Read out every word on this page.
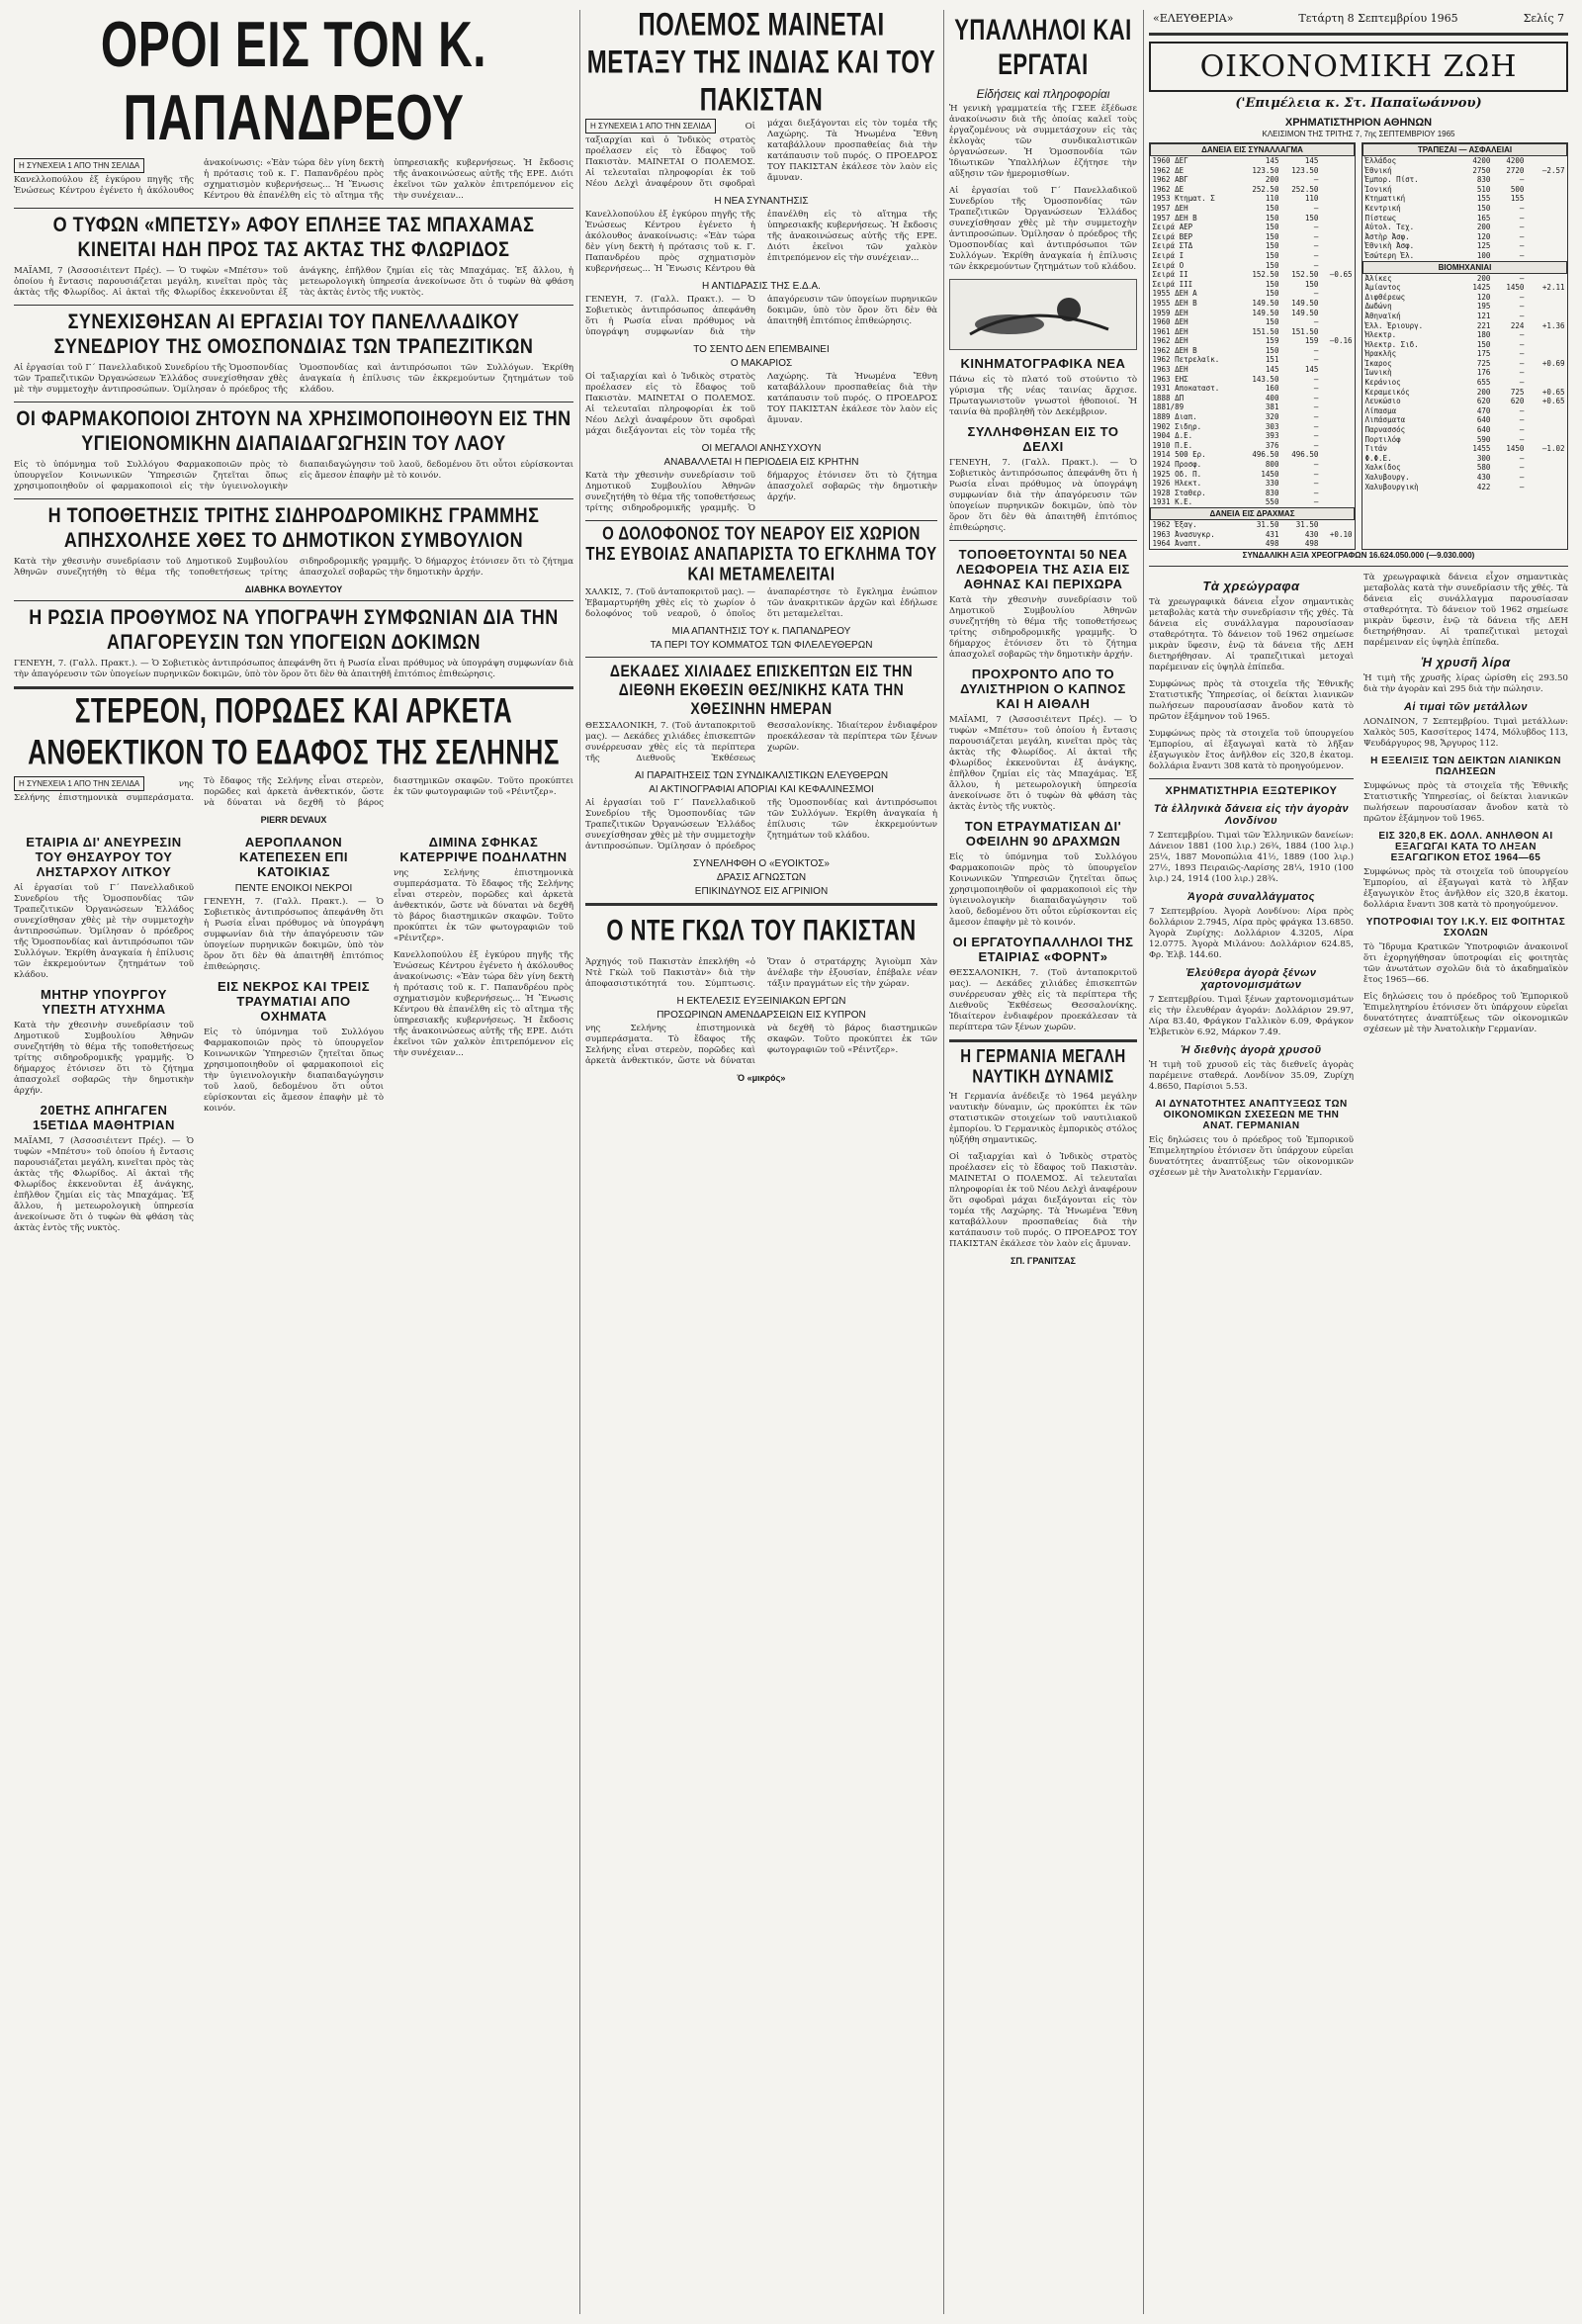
ΟΡΟΙ ΕΙΣ ΤΟΝ Κ. ΠΑΠΑΝΔΡΕΟΥ
Η ΣΥΝΕΧΕΙΑ 1 ΑΠΟ ΤΗΝ ΣΕΛΙΔΑ Κανελλοπούλου ἐξ ἐγκύρου πηγῆς τῆς Ἑνώσεως Κέντρου ἐγένετο ἡ ἀκόλουθος ἀνακοίνωσις: «Ἐὰν τώρα δὲν γίνη δεκτὴ ἡ πρότασις τοῦ κ. Γ. Παπανδρέου πρὸς σχηματισμὸν κυβερνήσεως... Ἡ Ἕνωσις Κέντρου θὰ ἐπανέλθη εἰς τὸ αἴτημα τῆς ὑπηρεσιακῆς κυβερνήσεως. Ἡ ἔκδοσις τῆς ἀνακοινώσεως αὐτῆς τῆς ΕΡΕ. Διότι ἐκεῖνοι τῶν χαλκὸν ἐπιτρεπόμενον εἰς τὴν συνέχειαν...
Ο ΤΥΦΩΝ «ΜΠΕΤΣΥ» ΑΦΟΥ ΕΠΛΗΞΕ ΤΑΣ ΜΠΑΧΑΜΑΣ ΚΙΝΕΙΤΑΙ ΗΔΗ ΠΡΟΣ ΤΑΣ ΑΚΤΑΣ ΤΗΣ ΦΛΩΡΙΔΟΣ
ΜΑΪΑΜΙ, 7 (Ἀσσοσιέιτεντ Πρές). — Ὁ τυφὼν «Μπέτσυ» τοῦ ὁποίου ἡ ἔντασις παρουσιάζεται μεγάλη, κινεῖται πρὸς τὰς ἀκτὰς τῆς Φλωρίδος. Αἱ ἀκταὶ τῆς Φλωρίδος ἐκκενοῦνται ἐξ ἀνάγκης, ἐπῆλθον ζημίαι εἰς τὰς Μπαχάμας. Ἐξ ἄλλου, ἡ μετεωρολογικὴ ὑπηρεσία ἀνεκοίνωσε ὅτι ὁ τυφὼν θὰ φθάση τὰς ἀκτὰς ἐντὸς τῆς νυκτὸς.
ΣΥΝΕΧΙΣΘΗΣΑΝ ΑΙ ΕΡΓΑΣΙΑΙ ΤΟΥ ΠΑΝΕΛΛΑΔΙΚΟΥ ΣΥΝΕΔΡΙΟΥ ΤΗΣ ΟΜΟΣΠΟΝΔΙΑΣ ΤΩΝ ΤΡΑΠΕΖΙΤΙΚΩΝ
Αἱ ἐργασίαι τοῦ Γ΄ Πανελλαδικοῦ Συνεδρίου τῆς Ὁμοσπονδίας τῶν Τραπεζιτικῶν Ὀργανώσεων Ἑλλάδος συνεχίσθησαν χθὲς μὲ τὴν συμμετοχὴν ἀντιπροσώπων. Ὁμίλησαν ὁ πρόεδρος τῆς Ὁμοσπονδίας καὶ ἀντιπρόσωποι τῶν Συλλόγων. Ἐκρίθη ἀναγκαία ἡ ἐπίλυσις τῶν ἐκκρεμούντων ζητημάτων τοῦ κλάδου.
ΟΙ ΦΑΡΜΑΚΟΠΟΙΟΙ ΖΗΤΟΥΝ ΝΑ ΧΡΗΣΙΜΟΠΟΙΗΘΟΥΝ ΕΙΣ ΤΗΝ ΥΓΙΕΙΟΝΟΜΙΚΗΝ ΔΙΑΠΑΙΔΑΓΩΓΗΣΙΝ ΤΟΥ ΛΑΟΥ
Εἰς τὸ ὑπόμνημα τοῦ Συλλόγου Φαρμακοποιῶν πρὸς τὸ ὑπουργεῖον Κοινωνικῶν Ὑπηρεσιῶν ζητεῖται ὅπως χρησιμοποιηθοῦν οἱ φαρμακοποιοὶ εἰς τὴν ὑγιεινολογικὴν διαπαιδαγώγησιν τοῦ λαοῦ, δεδομένου ὅτι οὗτοι εὑρίσκονται εἰς ἄμεσον ἐπαφὴν μὲ τὸ κοινόν.
Η ΤΟΠΟΘΕΤΗΣΙΣ ΤΡΙΤΗΣ ΣΙΔΗΡΟΔΡΟΜΙΚΗΣ ΓΡΑΜΜΗΣ ΑΠΗΣΧΟΛΗΣΕ ΧΘΕΣ ΤΟ ΔΗΜΟΤΙΚΟΝ ΣΥΜΒΟΥΛΙΟΝ
Κατὰ τὴν χθεσινὴν συνεδρίασιν τοῦ Δημοτικοῦ Συμβουλίου Ἀθηνῶν συνεζητήθη τὸ θέμα τῆς τοποθετήσεως τρίτης σιδηροδρομικῆς γραμμῆς. Ὁ δήμαρχος ἐτόνισεν ὅτι τὸ ζήτημα ἀπασχολεῖ σοβαρῶς τὴν δημοτικὴν ἀρχήν.
ΔΙΑΒΗΚΑ ΒΟΥΛΕΥΤΟΥ
Η ΡΩΣΙΑ ΠΡΟΘΥΜΟΣ ΝΑ ΥΠΟΓΡΑΨΗ ΣΥΜΦΩΝΙΑΝ ΔΙΑ ΤΗΝ ΑΠΑΓΟΡΕΥΣΙΝ ΤΩΝ ΥΠΟΓΕΙΩΝ ΔΟΚΙΜΩΝ
ΓΕΝΕΥΗ, 7. (Γαλλ. Πρακτ.). — Ὁ Σοβιετικὸς ἀντιπρόσωπος ἀπεφάνθη ὅτι ἡ Ρωσία εἶναι πρόθυμος νὰ ὑπογράψη συμφωνίαν διὰ τὴν ἀπαγόρευσιν τῶν ὑπογείων πυρηνικῶν δοκιμῶν, ὑπὸ τὸν ὅρον ὅτι δὲν θὰ ἀπαιτηθῆ ἐπιτόπιος ἐπιθεώρησις.
ΣΤΕΡΕΟΝ, ΠΟΡΩΔΕΣ ΚΑΙ ΑΡΚΕΤΑ ΑΝΘΕΚΤΙΚΟΝ ΤΟ ΕΔΑΦΟΣ ΤΗΣ ΣΕΛΗΝΗΣ
Η ΣΥΝΕΧΕΙΑ 1 ΑΠΟ ΤΗΝ ΣΕΛΙΔΑ	νης Σελήνης ἐπιστημονικὰ συμπεράσματα. Τὸ ἔδαφος τῆς Σελήνης εἶναι στερεὸν, πορῶδες καὶ ἀρκετὰ ἀνθεκτικόν, ὥστε νὰ δύναται νὰ δεχθῆ τὸ βάρος διαστημικῶν σκαφῶν. Τοῦτο προκύπτει ἐκ τῶν φωτογραφιῶν τοῦ «Ρέιντζερ».
PIERR DEVAUX
ΕΤΑΙΡΙΑ ΔΙ' ΑΝΕΥΡΕΣΙΝ ΤΟΥ ΘΗΣΑΥΡΟΥ ΤΟΥ ΛΗΣΤΑΡΧΟΥ ΛΙΤΚΟΥ
Αἱ ἐργασίαι τοῦ Γ΄ Πανελλαδικοῦ Συνεδρίου τῆς Ὁμοσπονδίας τῶν Τραπεζιτικῶν Ὀργανώσεων Ἑλλάδος συνεχίσθησαν χθὲς μὲ τὴν συμμετοχὴν ἀντιπροσώπων. Ὁμίλησαν ὁ πρόεδρος τῆς Ὁμοσπονδίας καὶ ἀντιπρόσωποι τῶν Συλλόγων. Ἐκρίθη ἀναγκαία ἡ ἐπίλυσις τῶν ἐκκρεμούντων ζητημάτων τοῦ κλάδου.
ΜΗΤΗΡ ΥΠΟΥΡΓΟΥ ΥΠΕΣΤΗ ΑΤΥΧΗΜΑ
Κατὰ τὴν χθεσινὴν συνεδρίασιν τοῦ Δημοτικοῦ Συμβουλίου Ἀθηνῶν συνεζητήθη τὸ θέμα τῆς τοποθετήσεως τρίτης σιδηροδρομικῆς γραμμῆς. Ὁ δήμαρχος ἐτόνισεν ὅτι τὸ ζήτημα ἀπασχολεῖ σοβαρῶς τὴν δημοτικὴν ἀρχήν.
20ΕΤΗΣ ΑΠΗΓΑΓΕΝ 15ΕΤΙΔΑ ΜΑΘΗΤΡΙΑΝ
ΜΑΪΑΜΙ, 7 (Ἀσσοσιέιτεντ Πρές). — Ὁ τυφὼν «Μπέτσυ» τοῦ ὁποίου ἡ ἔντασις παρουσιάζεται μεγάλη, κινεῖται πρὸς τὰς ἀκτὰς τῆς Φλωρίδος. Αἱ ἀκταὶ τῆς Φλωρίδος ἐκκενοῦνται ἐξ ἀνάγκης, ἐπῆλθον ζημίαι εἰς τὰς Μπαχάμας. Ἐξ ἄλλου, ἡ μετεωρολογικὴ ὑπηρεσία ἀνεκοίνωσε ὅτι ὁ τυφὼν θὰ φθάση τὰς ἀκτὰς ἐντὸς τῆς νυκτὸς.
ΑΕΡΟΠΛΑΝΟΝ ΚΑΤΕΠΕΣΕΝ ΕΠΙ ΚΑΤΟΙΚΙΑΣ
ΠΕΝΤΕ ΕΝΟΙΚΟΙ ΝΕΚΡΟΙ
ΓΕΝΕΥΗ, 7. (Γαλλ. Πρακτ.). — Ὁ Σοβιετικὸς ἀντιπρόσωπος ἀπεφάνθη ὅτι ἡ Ρωσία εἶναι πρόθυμος νὰ ὑπογράψη συμφωνίαν διὰ τὴν ἀπαγόρευσιν τῶν ὑπογείων πυρηνικῶν δοκιμῶν, ὑπὸ τὸν ὅρον ὅτι δὲν θὰ ἀπαιτηθῆ ἐπιτόπιος ἐπιθεώρησις.
ΕΙΣ ΝΕΚΡΟΣ ΚΑΙ ΤΡΕΙΣ ΤΡΑΥΜΑΤΙΑΙ ΑΠΟ ΟΧΗΜΑΤΑ
Εἰς τὸ ὑπόμνημα τοῦ Συλλόγου Φαρμακοποιῶν πρὸς τὸ ὑπουργεῖον Κοινωνικῶν Ὑπηρεσιῶν ζητεῖται ὅπως χρησιμοποιηθοῦν οἱ φαρμακοποιοὶ εἰς τὴν ὑγιεινολογικὴν διαπαιδαγώγησιν τοῦ λαοῦ, δεδομένου ὅτι οὗτοι εὑρίσκονται εἰς ἄμεσον ἐπαφὴν μὲ τὸ κοινόν.
ΔΙΜΙΝΑ ΣΦΗΚΑΣ ΚΑΤΕΡΡΙΨΕ ΠΟΔΗΛΑΤΗΝ
νης Σελήνης ἐπιστημονικὰ συμπεράσματα. Τὸ ἔδαφος τῆς Σελήνης εἶναι στερεὸν, πορῶδες καὶ ἀρκετὰ ἀνθεκτικόν, ὥστε νὰ δύναται νὰ δεχθῆ τὸ βάρος διαστημικῶν σκαφῶν. Τοῦτο προκύπτει ἐκ τῶν φωτογραφιῶν τοῦ «Ρέιντζερ».
Κανελλοπούλου ἐξ ἐγκύρου πηγῆς τῆς Ἑνώσεως Κέντρου ἐγένετο ἡ ἀκόλουθος ἀνακοίνωσις: «Ἐὰν τώρα δὲν γίνη δεκτὴ ἡ πρότασις τοῦ κ. Γ. Παπανδρέου πρὸς σχηματισμὸν κυβερνήσεως... Ἡ Ἕνωσις Κέντρου θὰ ἐπανέλθη εἰς τὸ αἴτημα τῆς ὑπηρεσιακῆς κυβερνήσεως. Ἡ ἔκδοσις τῆς ἀνακοινώσεως αὐτῆς τῆς ΕΡΕ. Διότι ἐκεῖνοι τῶν χαλκὸν ἐπιτρεπόμενον εἰς τὴν συνέχειαν...
ΠΟΛΕΜΟΣ ΜΑΙΝΕΤΑΙ ΜΕΤΑΞΥ ΤΗΣ ΙΝΔΙΑΣ ΚΑΙ ΤΟΥ ΠΑΚΙΣΤΑΝ
Η ΣΥΝΕΧΕΙΑ 1 ΑΠΟ ΤΗΝ ΣΕΛΙΔΑ	Οἱ ταξιαρχίαι καὶ ὁ Ἰνδικὸς στρατὸς προέλασεν εἰς τὸ ἔδαφος τοῦ Πακιστὰν. ΜΑΙΝΕΤΑΙ Ο ΠΟΛΕΜΟΣ. Αἱ τελευταῖαι πληροφορίαι ἐκ τοῦ Νέου Δελχὶ ἀναφέρουν ὅτι σφοδραὶ μάχαι διεξάγονται εἰς τὸν τομέα τῆς Λαχώρης. Τὰ Ἡνωμένα Ἔθνη καταβάλλουν προσπαθείας διὰ τὴν κατάπαυσιν τοῦ πυρός. Ο ΠΡΟΕΔΡΟΣ ΤΟΥ ΠΑΚΙΣΤΑΝ ἐκάλεσε τὸν λαὸν εἰς ἄμυναν.
Η ΝΕΑ ΣΥΝΑΝΤΗΣΙΣ
Κανελλοπούλου ἐξ ἐγκύρου πηγῆς τῆς Ἑνώσεως Κέντρου ἐγένετο ἡ ἀκόλουθος ἀνακοίνωσις: «Ἐὰν τώρα δὲν γίνη δεκτὴ ἡ πρότασις τοῦ κ. Γ. Παπανδρέου πρὸς σχηματισμὸν κυβερνήσεως... Ἡ Ἕνωσις Κέντρου θὰ ἐπανέλθη εἰς τὸ αἴτημα τῆς ὑπηρεσιακῆς κυβερνήσεως. Ἡ ἔκδοσις τῆς ἀνακοινώσεως αὐτῆς τῆς ΕΡΕ. Διότι ἐκεῖνοι τῶν χαλκὸν ἐπιτρεπόμενον εἰς τὴν συνέχειαν...
Η ΑΝΤΙΔΡΑΣΙΣ ΤΗΣ Ε.Δ.Α.
ΓΕΝΕΥΗ, 7. (Γαλλ. Πρακτ.). — Ὁ Σοβιετικὸς ἀντιπρόσωπος ἀπεφάνθη ὅτι ἡ Ρωσία εἶναι πρόθυμος νὰ ὑπογράψη συμφωνίαν διὰ τὴν ἀπαγόρευσιν τῶν ὑπογείων πυρηνικῶν δοκιμῶν, ὑπὸ τὸν ὅρον ὅτι δὲν θὰ ἀπαιτηθῆ ἐπιτόπιος ἐπιθεώρησις.
ΤΟ ΣΕΝΤΟ ΔΕΝ ΕΠΕΜΒΑΙΝΕΙ
Ο ΜΑΚΑΡΙΟΣ
Οἱ ταξιαρχίαι καὶ ὁ Ἰνδικὸς στρατὸς προέλασεν εἰς τὸ ἔδαφος τοῦ Πακιστὰν. ΜΑΙΝΕΤΑΙ Ο ΠΟΛΕΜΟΣ. Αἱ τελευταῖαι πληροφορίαι ἐκ τοῦ Νέου Δελχὶ ἀναφέρουν ὅτι σφοδραὶ μάχαι διεξάγονται εἰς τὸν τομέα τῆς Λαχώρης. Τὰ Ἡνωμένα Ἔθνη καταβάλλουν προσπαθείας διὰ τὴν κατάπαυσιν τοῦ πυρός. Ο ΠΡΟΕΔΡΟΣ ΤΟΥ ΠΑΚΙΣΤΑΝ ἐκάλεσε τὸν λαὸν εἰς ἄμυναν.
ΟΙ ΜΕΓΑΛΟΙ ΑΝΗΣΥΧΟΥΝ
ΑΝΑΒΑΛΛΕΤΑΙ Η ΠΕΡΙΟΔΕΙΑ ΕΙΣ ΚΡΗΤΗΝ
Κατὰ τὴν χθεσινὴν συνεδρίασιν τοῦ Δημοτικοῦ Συμβουλίου Ἀθηνῶν συνεζητήθη τὸ θέμα τῆς τοποθετήσεως τρίτης σιδηροδρομικῆς γραμμῆς. Ὁ δήμαρχος ἐτόνισεν ὅτι τὸ ζήτημα ἀπασχολεῖ σοβαρῶς τὴν δημοτικὴν ἀρχήν.
Ο ΔΟΛΟΦΟΝΟΣ ΤΟΥ ΝΕΑΡΟΥ ΕΙΣ ΧΩΡΙΟΝ ΤΗΣ ΕΥΒΟΙΑΣ ΑΝΑΠΑΡΙΣΤΑ ΤΟ ΕΓΚΛΗΜΑ ΤΟΥ ΚΑΙ ΜΕΤΑΜΕΛΕΙΤΑΙ
ΧΑΛΚΙΣ, 7. (Τοῦ ἀνταποκριτοῦ μας). — Ἐβαμαρτυρήθη χθὲς εἰς τὸ χωρίον ὁ δολοφόνος τοῦ νεαροῦ, ὁ ὁποῖος ἀναπαρέστησε τὸ ἔγκλημα ἐνώπιον τῶν ἀνακριτικῶν ἀρχῶν καὶ ἐδήλωσε ὅτι μεταμελεῖται.
ΜΙΑ ΑΠΑΝΤΗΣΙΣ ΤΟΥ κ. ΠΑΠΑΝΔΡΕΟΥ
ΤΑ ΠΕΡΙ ΤΟΥ ΚΟΜΜΑΤΟΣ ΤΩΝ ΦΙΛΕΛΕΥΘΕΡΩΝ
ΔΕΚΑΔΕΣ ΧΙΛΙΑΔΕΣ ΕΠΙΣΚΕΠΤΩΝ ΕΙΣ ΤΗΝ ΔΙΕΘΝΗ ΕΚΘΕΣΙΝ ΘΕΣ/ΝΙΚΗΣ ΚΑΤΑ ΤΗΝ ΧΘΕΣΙΝΗΝ ΗΜΕΡΑΝ
ΘΕΣΣΑΛΟΝΙΚΗ, 7. (Τοῦ ἀνταποκριτοῦ μας). — Δεκάδες χιλιάδες ἐπισκεπτῶν συνέρρευσαν χθὲς εἰς τὰ περίπτερα τῆς Διεθνοῦς Ἐκθέσεως Θεσσαλονίκης. Ἰδιαίτερον ἐνδιαφέρον προεκάλεσαν τὰ περίπτερα τῶν ξένων χωρῶν.
ΑΙ ΠΑΡΑΙΤΗΣΕΙΣ ΤΩΝ ΣΥΝΔΙΚΑΛΙΣΤΙΚΩΝ ΕΛΕΥΘΕΡΩΝ
ΑΙ ΑΚΤΙΝΟΓΡΑΦΙΑΙ ΑΠΟΡΙΑΙ ΚΑΙ ΚΕΦΑΛΙΝΕΣΜΟΙ
Αἱ ἐργασίαι τοῦ Γ΄ Πανελλαδικοῦ Συνεδρίου τῆς Ὁμοσπονδίας τῶν Τραπεζιτικῶν Ὀργανώσεων Ἑλλάδος συνεχίσθησαν χθὲς μὲ τὴν συμμετοχὴν ἀντιπροσώπων. Ὁμίλησαν ὁ πρόεδρος τῆς Ὁμοσπονδίας καὶ ἀντιπρόσωποι τῶν Συλλόγων. Ἐκρίθη ἀναγκαία ἡ ἐπίλυσις τῶν ἐκκρεμούντων ζητημάτων τοῦ κλάδου.
ΣΥΝΕΛΗΦΘΗ Ο «ΕΥΟΙΚΤΟΣ»
ΔΡΑΣΙΣ ΑΓΝΩΣΤΩΝ
ΕΠΙΚΙΝΔΥΝΟΣ ΕΙΣ ΑΓΡΙΝΙΟΝ
Ο ΝΤΕ ΓΚΩΛ ΤΟΥ ΠΑΚΙΣΤΑΝ
Ἀρχηγός τοῦ Πακιστὰν ἐπεκλήθη «ὁ Ντὲ Γκὼλ τοῦ Πακιστὰν» διὰ τὴν ἀποφασιστικότητά του. Σύμπτωσις. Ὅταν ὁ στρατάρχης Ἀγιοὺμπ Χὰν ἀνέλαβε τὴν ἐξουσίαν, ἐπέβαλε νέαν τάξιν πραγμάτων εἰς τὴν χώραν.
Η ΕΚΤΕΛΕΣΙΣ ΕΥΞΕΙΝΙΑΚΩΝ ΕΡΓΩΝ
ΠΡΟΣΩΡΙΝΩΝ ΑΜΕΝΔΑΡΣΕΙΩΝ ΕΙΣ ΚΥΠΡΟΝ
νης Σελήνης ἐπιστημονικὰ συμπεράσματα. Τὸ ἔδαφος τῆς Σελήνης εἶναι στερεὸν, πορῶδες καὶ ἀρκετὰ ἀνθεκτικόν, ὥστε νὰ δύναται νὰ δεχθῆ τὸ βάρος διαστημικῶν σκαφῶν. Τοῦτο προκύπτει ἐκ τῶν φωτογραφιῶν τοῦ «Ρέιντζερ».
Ὁ «μικρός»
ΥΠΑΛΛΗΛΟΙ ΚΑΙ ΕΡΓΑΤΑΙ
Εἰδήσεις καὶ πληροφορίαι
Ἡ γενικὴ γραμματεία τῆς ΓΣΕΕ ἐξέδωσε ἀνακοίνωσιν διὰ τῆς ὁποίας καλεῖ τοὺς ἐργαζομένους νὰ συμμετάσχουν εἰς τὰς ἐκλογὰς τῶν συνδικαλιστικῶν ὀργανώσεων. Ἡ Ὁμοσπονδία τῶν Ἰδιωτικῶν Ὑπαλλήλων ἐζήτησε τὴν αὔξησιν τῶν ἡμερομισθίων.
Αἱ ἐργασίαι τοῦ Γ΄ Πανελλαδικοῦ Συνεδρίου τῆς Ὁμοσπονδίας τῶν Τραπεζιτικῶν Ὀργανώσεων Ἑλλάδος συνεχίσθησαν χθὲς μὲ τὴν συμμετοχὴν ἀντιπροσώπων. Ὁμίλησαν ὁ πρόεδρος τῆς Ὁμοσπονδίας καὶ ἀντιπρόσωποι τῶν Συλλόγων. Ἐκρίθη ἀναγκαία ἡ ἐπίλυσις τῶν ἐκκρεμούντων ζητημάτων τοῦ κλάδου.
ΚΙΝΗΜΑΤΟΓΡΑΦΙΚΑ ΝΕΑ
Πάνω εἰς τὸ πλατό τοῦ στούντιο τὸ γύρισμα τῆς νέας ταινίας ἄρχισε. Πρωταγωνιστοῦν γνωστοὶ ἠθοποιοί. Ἡ ταινία θὰ προβληθῆ τὸν Δεκέμβριον.
ΣΥΛΛΗΦΘΗΣΑΝ ΕΙΣ ΤΟ ΔΕΛΧΙ
ΓΕΝΕΥΗ, 7. (Γαλλ. Πρακτ.). — Ὁ Σοβιετικὸς ἀντιπρόσωπος ἀπεφάνθη ὅτι ἡ Ρωσία εἶναι πρόθυμος νὰ ὑπογράψη συμφωνίαν διὰ τὴν ἀπαγόρευσιν τῶν ὑπογείων πυρηνικῶν δοκιμῶν, ὑπὸ τὸν ὅρον ὅτι δὲν θὰ ἀπαιτηθῆ ἐπιτόπιος ἐπιθεώρησις.
ΤΟΠΟΘΕΤΟΥΝΤΑΙ 50 ΝΕΑ ΛΕΩΦΟΡΕΙΑ ΤΗΣ ΑΣΙΑ ΕΙΣ ΑΘΗΝΑΣ ΚΑΙ ΠΕΡΙΧΩΡΑ
Κατὰ τὴν χθεσινὴν συνεδρίασιν τοῦ Δημοτικοῦ Συμβουλίου Ἀθηνῶν συνεζητήθη τὸ θέμα τῆς τοποθετήσεως τρίτης σιδηροδρομικῆς γραμμῆς. Ὁ δήμαρχος ἐτόνισεν ὅτι τὸ ζήτημα ἀπασχολεῖ σοβαρῶς τὴν δημοτικὴν ἀρχήν.
ΠΡΟΧΡΟΝΤΟ ΑΠΟ ΤΟ ΔΥΛΙΣΤΗΡΙΟΝ Ο ΚΑΠΝΟΣ ΚΑΙ Η ΑΙΘΑΛΗ
ΜΑΪΑΜΙ, 7 (Ἀσσοσιέιτεντ Πρές). — Ὁ τυφὼν «Μπέτσυ» τοῦ ὁποίου ἡ ἔντασις παρουσιάζεται μεγάλη, κινεῖται πρὸς τὰς ἀκτὰς τῆς Φλωρίδος. Αἱ ἀκταὶ τῆς Φλωρίδος ἐκκενοῦνται ἐξ ἀνάγκης, ἐπῆλθον ζημίαι εἰς τὰς Μπαχάμας. Ἐξ ἄλλου, ἡ μετεωρολογικὴ ὑπηρεσία ἀνεκοίνωσε ὅτι ὁ τυφὼν θὰ φθάση τὰς ἀκτὰς ἐντὸς τῆς νυκτὸς.
ΤΟΝ ΕΤΡΑΥΜΑΤΙΣΑΝ ΔΙ' ΟΦΕΙΛΗΝ 90 ΔΡΑΧΜΩΝ
Εἰς τὸ ὑπόμνημα τοῦ Συλλόγου Φαρμακοποιῶν πρὸς τὸ ὑπουργεῖον Κοινωνικῶν Ὑπηρεσιῶν ζητεῖται ὅπως χρησιμοποιηθοῦν οἱ φαρμακοποιοὶ εἰς τὴν ὑγιεινολογικὴν διαπαιδαγώγησιν τοῦ λαοῦ, δεδομένου ὅτι οὗτοι εὑρίσκονται εἰς ἄμεσον ἐπαφὴν μὲ τὸ κοινόν.
ΟΙ ΕΡΓΑΤΟΥΠΑΛΛΗΛΟΙ ΤΗΣ ΕΤΑΙΡΙΑΣ «ΦΟΡΝΤ»
ΘΕΣΣΑΛΟΝΙΚΗ, 7. (Τοῦ ἀνταποκριτοῦ μας). — Δεκάδες χιλιάδες ἐπισκεπτῶν συνέρρευσαν χθὲς εἰς τὰ περίπτερα τῆς Διεθνοῦς Ἐκθέσεως Θεσσαλονίκης. Ἰδιαίτερον ἐνδιαφέρον προεκάλεσαν τὰ περίπτερα τῶν ξένων χωρῶν.
Η ΓΕΡΜΑΝΙΑ ΜΕΓΑΛΗ ΝΑΥΤΙΚΗ ΔΥΝΑΜΙΣ
Ἡ Γερμανία ἀνέδειξε τὸ 1964 μεγάλην ναυτικὴν δύναμιν, ὡς προκύπτει ἐκ τῶν στατιστικῶν στοιχείων τοῦ ναυτιλιακοῦ ἐμπορίου. Ὁ Γερμανικὸς ἐμπορικὸς στόλος ηὐξήθη σημαντικῶς.
Οἱ ταξιαρχίαι καὶ ὁ Ἰνδικὸς στρατὸς προέλασεν εἰς τὸ ἔδαφος τοῦ Πακιστὰν. ΜΑΙΝΕΤΑΙ Ο ΠΟΛΕΜΟΣ. Αἱ τελευταῖαι πληροφορίαι ἐκ τοῦ Νέου Δελχὶ ἀναφέρουν ὅτι σφοδραὶ μάχαι διεξάγονται εἰς τὸν τομέα τῆς Λαχώρης. Τὰ Ἡνωμένα Ἔθνη καταβάλλουν προσπαθείας διὰ τὴν κατάπαυσιν τοῦ πυρός. Ο ΠΡΟΕΔΡΟΣ ΤΟΥ ΠΑΚΙΣΤΑΝ ἐκάλεσε τὸν λαὸν εἰς ἄμυναν.
ΣΠ. ΓΡΑΝΙΤΣΑΣ
«ΕΛΕΥΘΕΡΙΑ»	Τετάρτη 8 Σεπτεμβρίου 1965	Σελίς 7
ΟΙΚΟΝΟΜΙΚΗ ΖΩΗ
('Επιμέλεια κ. Στ. Παπαϊωάννου)
ΧΡΗΜΑΤΙΣΤΗΡΙΟΝ ΑΘΗΝΩΝ
ΚΛΕΙΣΙΜΟΝ ΤΗΣ ΤΡΙΤΗΣ 7, 7ης ΣΕΠΤΕΜΒΡΙΟΥ 1965
ΔΑΝΕΙΑ ΕΙΣ ΣΥΝΑΛΛΑΓΜΑ			
1960 ΔΕΓ	145	145	
1962 ΔΕ	123.50	123.50	
1962 ΑΒΓ	200	—	
1962 ΔΕ	252.50	252.50	
1953 Κτηματ. Σ	110	110	
1957 ΔΕΗ	150	—	
1957 ΔΕΗ Β	150	150	
Σειρά ΑΕΡ	150	—	
Σειρά ΒΕΡ	150	—	
Σειρά ΣΤΔ	150	—	
Σειρά Ι	150	—	
Σειρά Ο	150	—	
Σειρά ΙΙ	152.50	152.50	—0.65
Σειρά ΙΙΙ	150	150	
1955 ΔΕΗ Α	150	—	
1955 ΔΕΗ Β	149.50	149.50	
1959 ΔΕΗ	149.50	149.50	
1960 ΔΕΗ	150	—	
1961 ΔΕΗ	151.50	151.50	
1962 ΔΕΗ	159	159	—0.16
1962 ΔΕΗ Β	150	—	
1962 Πετρελαϊκ.	151	—	
1963 ΔΕΗ	145	145	
1963 ΕΗΣ	143.50	—	
1931 Αποκαταστ.	160	—	
1888 ΔΠ	400	—	
1881/89	381	—	
1889 Διαπ.	320	—	
1902 Σιδηρ.	303	—	
1904 Δ.Ε.	393	—	
1910 Π.Ε.	376	—	
1914 500 Ερ.	496.50	496.50	
1924 Προσφ.	800	—	
1925 Οδ. Π.	1450	—	
1926 Ηλεκτ.	330	—	
1928 Σταθερ.	830	—	
1931 Κ.Ε.	550	—	
ΔΑΝΕΙΑ ΕΙΣ ΔΡΑΧΜΑΣ			
1962 Ἐξαγ.	31.50	31.50	
1963 Ἀνασυγκρ.	431	430	+0.10
1964 Ἀναπτ.	498	498	
ΤΡΑΠΕΖΑΙ — ΑΣΦΑΛΕΙΑΙ			
Ἑλλάδος	4200	4200	
Ἐθνική	2750	2720	—2.57
Ἐμπορ. Πίστ.	830	—	
Ἰονική	510	500	
Κτηματική	155	155	
Κεντρική	150	—	
Πίστεως	165	—	
Αὐτολ. Τεχ.	200	—	
Ἀστὴρ Ἀσφ.	120	—	
Ἑθνικὴ Ἀσφ.	125	—	
Ἐσώτερη Ἐλ.	100	—	
ΒΙΟΜΗΧΑΝΙΑΙ			
Ἀλίκες	200	—	
Ἀμίαντος	1425	1450	+2.11
Διφθέρεως	120	—	
Δωδώνη	195	—	
Ἀθηναϊκή	121	—	
Ἑλλ. Ἐριουργ.	221	224	+1.36
Ἡλεκτρ.	180	—	
Ἡλεκτρ. Σιδ.	150	—	
Ἡρακλῆς	175	—	
Ἰκαρος	725	—	+0.69
Ἰωνικὴ	176	—	
Κεράνιος	655	—	
Κεραμεικός	200	725	+0.65
Λευκώσιο	620	620	+0.65
Λίπασμα	470	—	
Λιπάσματα	640	—	
Παρνασσός	640	—	
Πορτιλόφ	590	—	
Τιτάν	1455	1450	—1.02
Φ.Φ.Ε.	300	—	
Χαλκίδος	580	—	
Χαλυβουργ.	430	—	
Χαλυβουργικὴ	422	—	
ΣΥΝΔΑΛΙΚΗ ΑΞΙΑ ΧΡΕΟΓΡΑΦΩΝ 16.624.050.000 (—9.030.000)
Τὰ χρεώγραφα
Τὰ χρεωγραφικὰ δάνεια εἶχον σημαντικὰς μεταβολὰς κατὰ τὴν συνεδρίασιν τῆς χθές. Τὰ δάνεια εἰς συνάλλαγμα παρουσίασαν σταθερότητα. Τὸ δάνειον τοῦ 1962 σημείωσε μικρὰν ὕφεσιν, ἐνῷ τὰ δάνεια τῆς ΔΕΗ διετηρήθησαν. Αἱ τραπεζιτικαὶ μετοχαὶ παρέμειναν εἰς ὑψηλὰ ἐπίπεδα.
Συμφώνως πρὸς τὰ στοιχεῖα τῆς Ἐθνικῆς Στατιστικῆς Ὑπηρεσίας, οἱ δείκται λιανικῶν πωλήσεων παρουσίασαν ἄνοδον κατὰ τὸ πρῶτον ἑξάμηνον τοῦ 1965.
Συμφώνως πρὸς τὰ στοιχεῖα τοῦ ὑπουργείου Ἐμπορίου, αἱ ἐξαγωγαὶ κατὰ τὸ λῆξαν ἐξαγωγικὸν ἔτος ἀνῆλθον εἰς 320,8 ἑκατομ. δολλάρια ἔναντι 308 κατὰ τὸ προηγούμενον.
ΧΡΗΜΑΤΙΣΤΗΡΙΑ ΕΞΩΤΕΡΙΚΟΥ
Τὰ ἑλληνικὰ δάνεια εἰς τὴν ἀγορὰν Λονδίνου
7 Σεπτεμβρίου. Τιμαὶ τῶν Ἑλληνικῶν δανείων: Δάνειον 1881 (100 λιρ.) 26¾, 1884 (100 λιρ.) 25¼, 1887 Μονοπώλια 41½, 1889 (100 λιρ.) 27½, 1893 Πειραιῶς-Λαρίσης 28¼, 1910 (100 λιρ.) 24, 1914 (100 λιρ.) 28¾.
Ἀγορὰ συναλλάγματος
7 Σεπτεμβρίου. Ἀγορὰ Λονδίνου: Λίρα πρὸς δολλάριον 2.7945, Λίρα πρὸς φράγκα 13.6850. Ἀγορὰ Ζυρίχης: Δολλάριον 4.3205, Λίρα 12.0775. Ἀγορὰ Μιλάνου: Δολλάριον 624.85, Φρ. Ἑλβ. 144.60.
Ἐλεύθερα ἀγορὰ ξένων χαρτονομισμάτων
7 Σεπτεμβρίου. Τιμαὶ ξένων χαρτονομισμάτων εἰς τὴν ἐλευθέραν ἀγοράν: Δολλάριον 29.97, Λίρα 83.40, Φράγκον Γαλλικὸν 6.09, Φράγκον Ἑλβετικὸν 6.92, Μάρκον 7.49.
Ἡ διεθνὴς ἀγορὰ χρυσοῦ
Ἡ τιμὴ τοῦ χρυσοῦ εἰς τὰς διεθνεῖς ἀγορὰς παρέμεινε σταθερά. Λονδίνον 35.09, Ζυρίχη 4.8650, Παρίσιοι 5.53.
ΑΙ ΔΥΝΑΤΟΤΗΤΕΣ ΑΝΑΠΤΥΞΕΩΣ ΤΩΝ ΟΙΚΟΝΟΜΙΚΩΝ ΣΧΕΣΕΩΝ ΜΕ ΤΗΝ ΑΝΑΤ. ΓΕΡΜΑΝΙΑΝ
Εἰς δηλώσεις του ὁ πρόεδρος τοῦ Ἐμπορικοῦ Ἐπιμελητηρίου ἐτόνισεν ὅτι ὑπάρχουν εὐρεῖαι δυνατότητες ἀναπτύξεως τῶν οἰκονομικῶν σχέσεων μὲ τὴν Ἀνατολικὴν Γερμανίαν.
Τὰ χρεωγραφικὰ δάνεια εἶχον σημαντικὰς μεταβολὰς κατὰ τὴν συνεδρίασιν τῆς χθές. Τὰ δάνεια εἰς συνάλλαγμα παρουσίασαν σταθερότητα. Τὸ δάνειον τοῦ 1962 σημείωσε μικρὰν ὕφεσιν, ἐνῷ τὰ δάνεια τῆς ΔΕΗ διετηρήθησαν. Αἱ τραπεζιτικαὶ μετοχαὶ παρέμειναν εἰς ὑψηλὰ ἐπίπεδα.
Ἡ χρυσῆ λίρα
Ἡ τιμὴ τῆς χρυσῆς λίρας ὡρίσθη εἰς 293.50 διὰ τὴν ἀγορὰν καὶ 295 διὰ τὴν πώλησιν.
Αἱ τιμαὶ τῶν μετάλλων
ΛΟΝΔΙΝΟΝ, 7 Σεπτεμβρίου. Τιμαὶ μετάλλων: Χαλκὸς 505, Κασσίτερος 1474, Μόλυβδος 113, Ψευδάργυρος 98, Ἄργυρος 112.
Η ΕΞΕΛΙΞΙΣ ΤΩΝ ΔΕΙΚΤΩΝ ΛΙΑΝΙΚΩΝ ΠΩΛΗΣΕΩΝ
Συμφώνως πρὸς τὰ στοιχεῖα τῆς Ἐθνικῆς Στατιστικῆς Ὑπηρεσίας, οἱ δείκται λιανικῶν πωλήσεων παρουσίασαν ἄνοδον κατὰ τὸ πρῶτον ἑξάμηνον τοῦ 1965.
ΕΙΣ 320,8 ΕΚ. ΔΟΛΛ. ΑΝΗΛΘΟΝ ΑΙ ΕΞΑΓΩΓΑΙ ΚΑΤΑ ΤΟ ΛΗΞΑΝ ΕΞΑΓΩΓΙΚΟΝ ΕΤΟΣ 1964—65
Συμφώνως πρὸς τὰ στοιχεῖα τοῦ ὑπουργείου Ἐμπορίου, αἱ ἐξαγωγαὶ κατὰ τὸ λῆξαν ἐξαγωγικὸν ἔτος ἀνῆλθον εἰς 320,8 ἑκατομ. δολλάρια ἔναντι 308 κατὰ τὸ προηγούμενον.
ΥΠΟΤΡΟΦΙΑΙ ΤΟΥ Ι.Κ.Υ. ΕΙΣ ΦΟΙΤΗΤΑΣ ΣΧΟΛΩΝ
Τὸ Ἵδρυμα Κρατικῶν Ὑποτροφιῶν ἀνακοινοῖ ὅτι ἐχορηγήθησαν ὑποτροφίαι εἰς φοιτητὰς τῶν ἀνωτάτων σχολῶν διὰ τὸ ἀκαδημαϊκὸν ἔτος 1965—66.
Εἰς δηλώσεις του ὁ πρόεδρος τοῦ Ἐμπορικοῦ Ἐπιμελητηρίου ἐτόνισεν ὅτι ὑπάρχουν εὐρεῖαι δυνατότητες ἀναπτύξεως τῶν οἰκονομικῶν σχέσεων μὲ τὴν Ἀνατολικὴν Γερμανίαν.
